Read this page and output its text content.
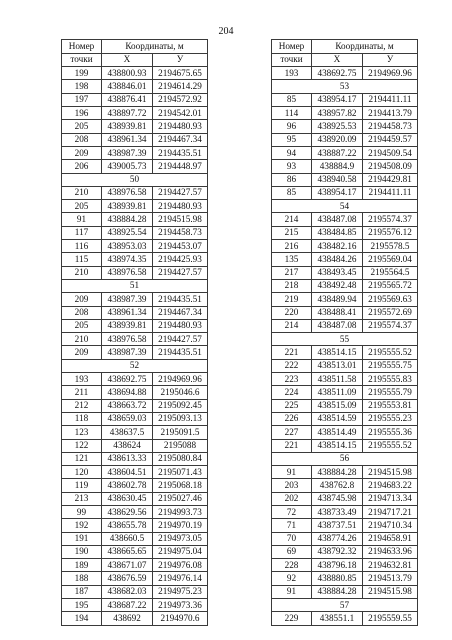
204
Номер	Координаты, м	
точки	X	У
199	438800.93	2194675.65
198	438846.01	2194614.29
197	438876.41	2194572.92
196	438897.72	2194542.01
205	438939.81	2194480.93
208	438961.34	2194467.34
209	438987.39	2194435.51
206	439005.73	2194448.97
50		
210	438976.58	2194427.57
205	438939.81	2194480.93
91	438884.28	2194515.98
117	438925.54	2194458.73
116	438953.03	2194453.07
115	438974.35	2194425.93
210	438976.58	2194427.57
51		
209	438987.39	2194435.51
208	438961.34	2194467.34
205	438939.81	2194480.93
210	438976.58	2194427.57
209	438987.39	2194435.51
52		
193	438692.75	2194969.96
211	438694.88	2195046.6
212	438663.72	2195092.45
118	438659.03	2195093.13
123	438637.5	2195091.5
122	438624	2195088
121	438613.33	2195080.84
120	438604.51	2195071.43
119	438602.78	2195068.18
213	438630.45	2195027.46
99	438629.56	2194993.73
192	438655.78	2194970.19
191	438660.5	2194973.05
190	438665.65	2194975.04
189	438671.07	2194976.08
188	438676.59	2194976.14
187	438682.03	2194975.23
195	438687.22	2194973.36
194	438692	2194970.6
Номер	Координаты, м	
точки	X	У
193	438692.75	2194969.96
53		
85	438954.17	2194411.11
114	438957.82	2194413.79
96	438925.53	2194458.73
95	438920.09	2194459.57
94	438887.22	2194509.54
93	438884.9	2194508.09
86	438940.58	2194429.81
85	438954.17	2194411.11
54		
214	438487.08	2195574.37
215	438484.85	2195576.12
216	438482.16	2195578.5
135	438484.26	2195569.04
217	438493.45	2195564.5
218	438492.48	2195565.72
219	438489.94	2195569.63
220	438488.41	2195572.69
214	438487.08	2195574.37
55		
221	438514.15	2195555.52
222	438513.01	2195555.75
223	438511.58	2195555.83
224	438511.09	2195555.79
225	438515.09	2195553.81
226	438514.59	2195555.23
227	438514.49	2195555.36
221	438514.15	2195555.52
56		
91	438884.28	2194515.98
203	438762.8	2194683.22
202	438745.98	2194713.34
72	438733.49	2194717.21
71	438737.51	2194710.34
70	438774.26	2194658.91
69	438792.32	2194633.96
228	438796.18	2194632.81
92	438880.85	2194513.79
91	438884.28	2194515.98
57		
229	438551.1	2195559.55
